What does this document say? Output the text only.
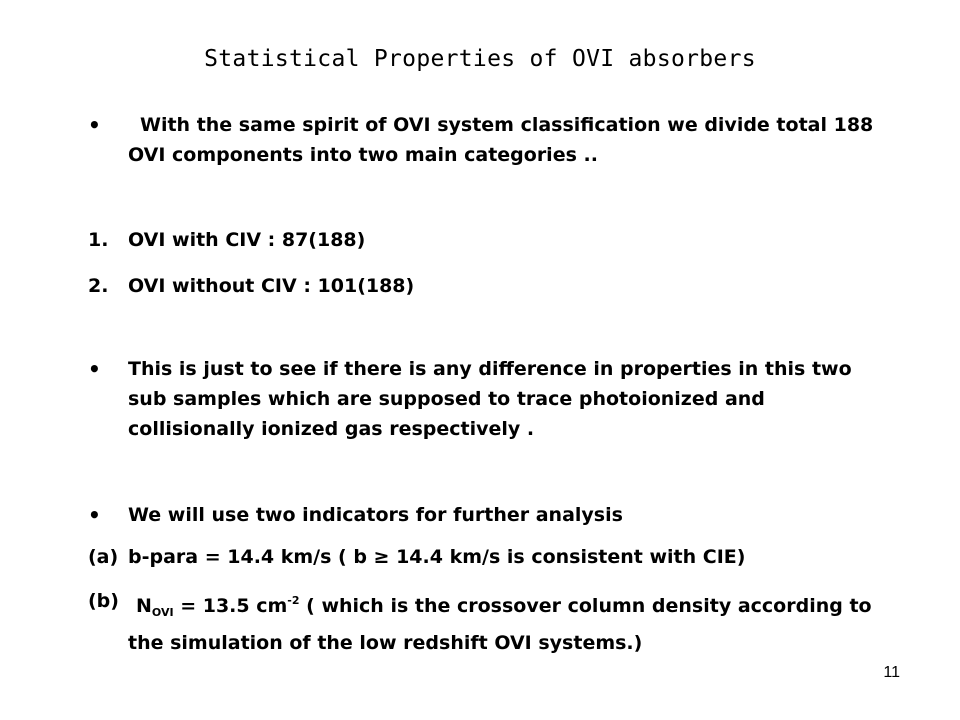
Statistical Properties of OVI absorbers
• With the same spirit of OVI system classification we divide total 188 OVI components into two main categories ..
1. OVI with CIV : 87(188)
2. OVI without CIV : 101(188)
• This is just to see if there is any difference in properties in this two sub samples which are supposed to trace photoionized and collisionally ionized gas respectively .
• We will use two indicators for further analysis
(a) b-para = 14.4 km/s ( b ≥ 14.4 km/s is consistent with CIE)
(b) $N_{OVI} = 13.5$ $cm^{-2}$ ( which is the crossover column density according to the simulation of the low redshift OVI systems.)
11
